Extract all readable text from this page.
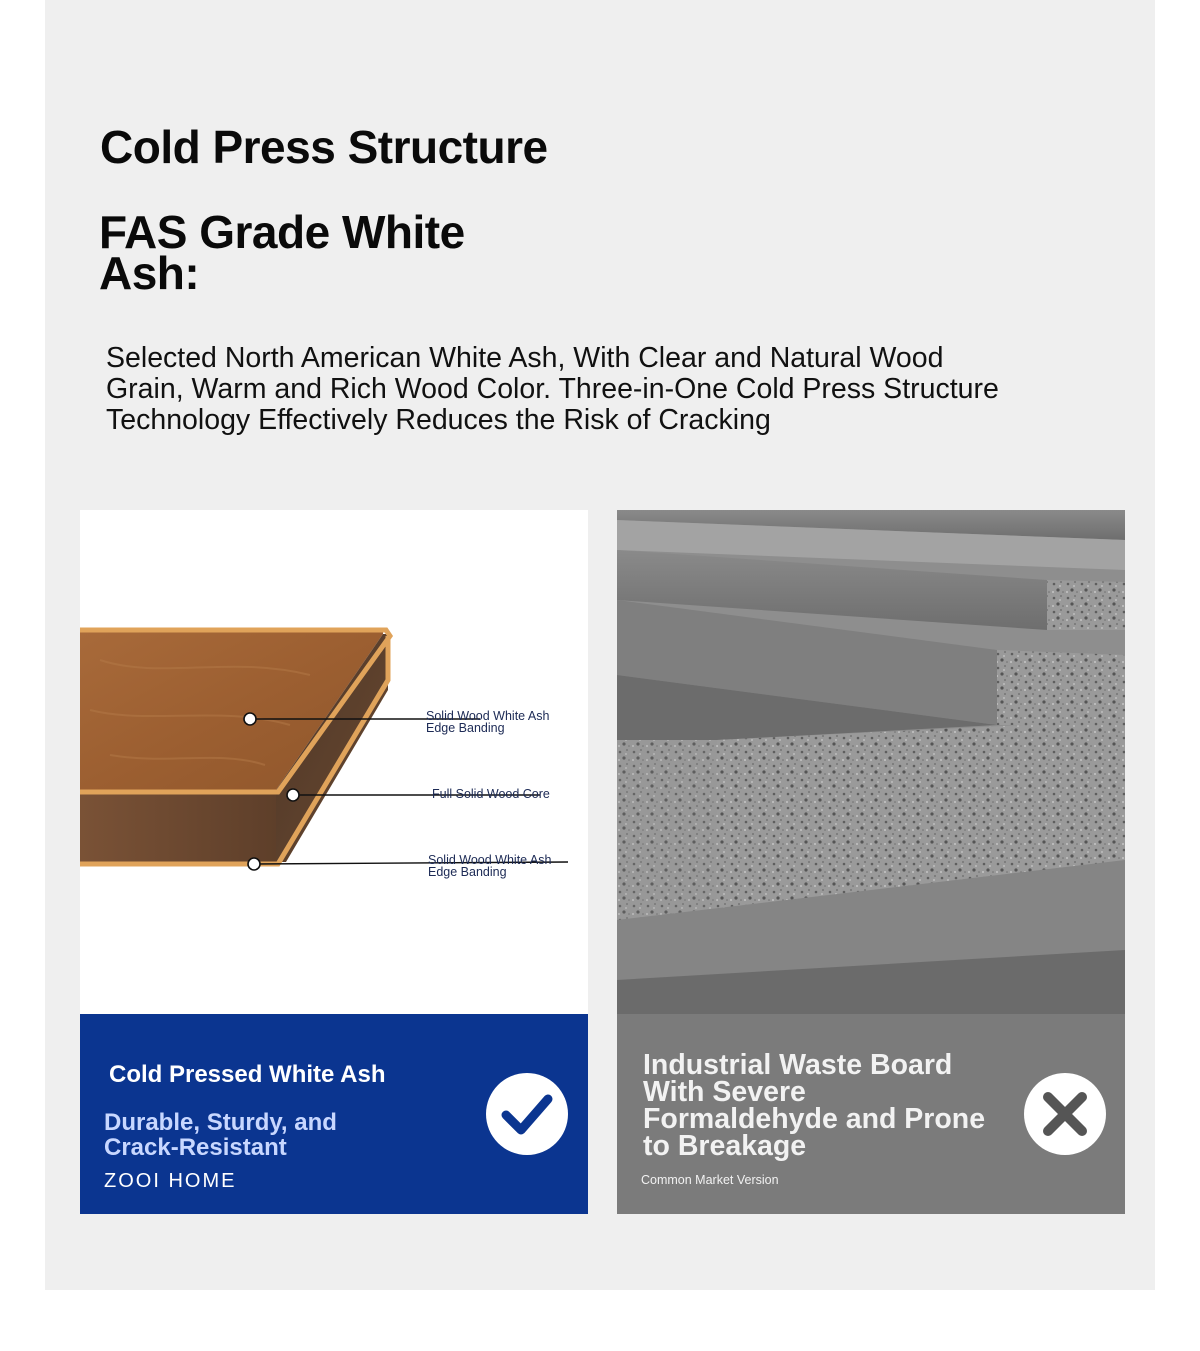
Cold Press Structure
FAS Grade White Ash:

Selected North American White Ash, With Clear and Natural Wood Grain, Warm and Rich Wood Color. Three-in-One Cold Press Structure Technology Effectively Reduces the Risk of Cracking

Solid Wood White Ash
Edge Banding
Full Solid Wood Core
Solid Wood White Ash
Edge Banding
Cold Pressed White Ash
Durable, Sturdy, and Crack-Resistant
ZOOI HOME
Industrial Waste Board With Severe Formaldehyde and Prone to Breakage
Common Market Version
